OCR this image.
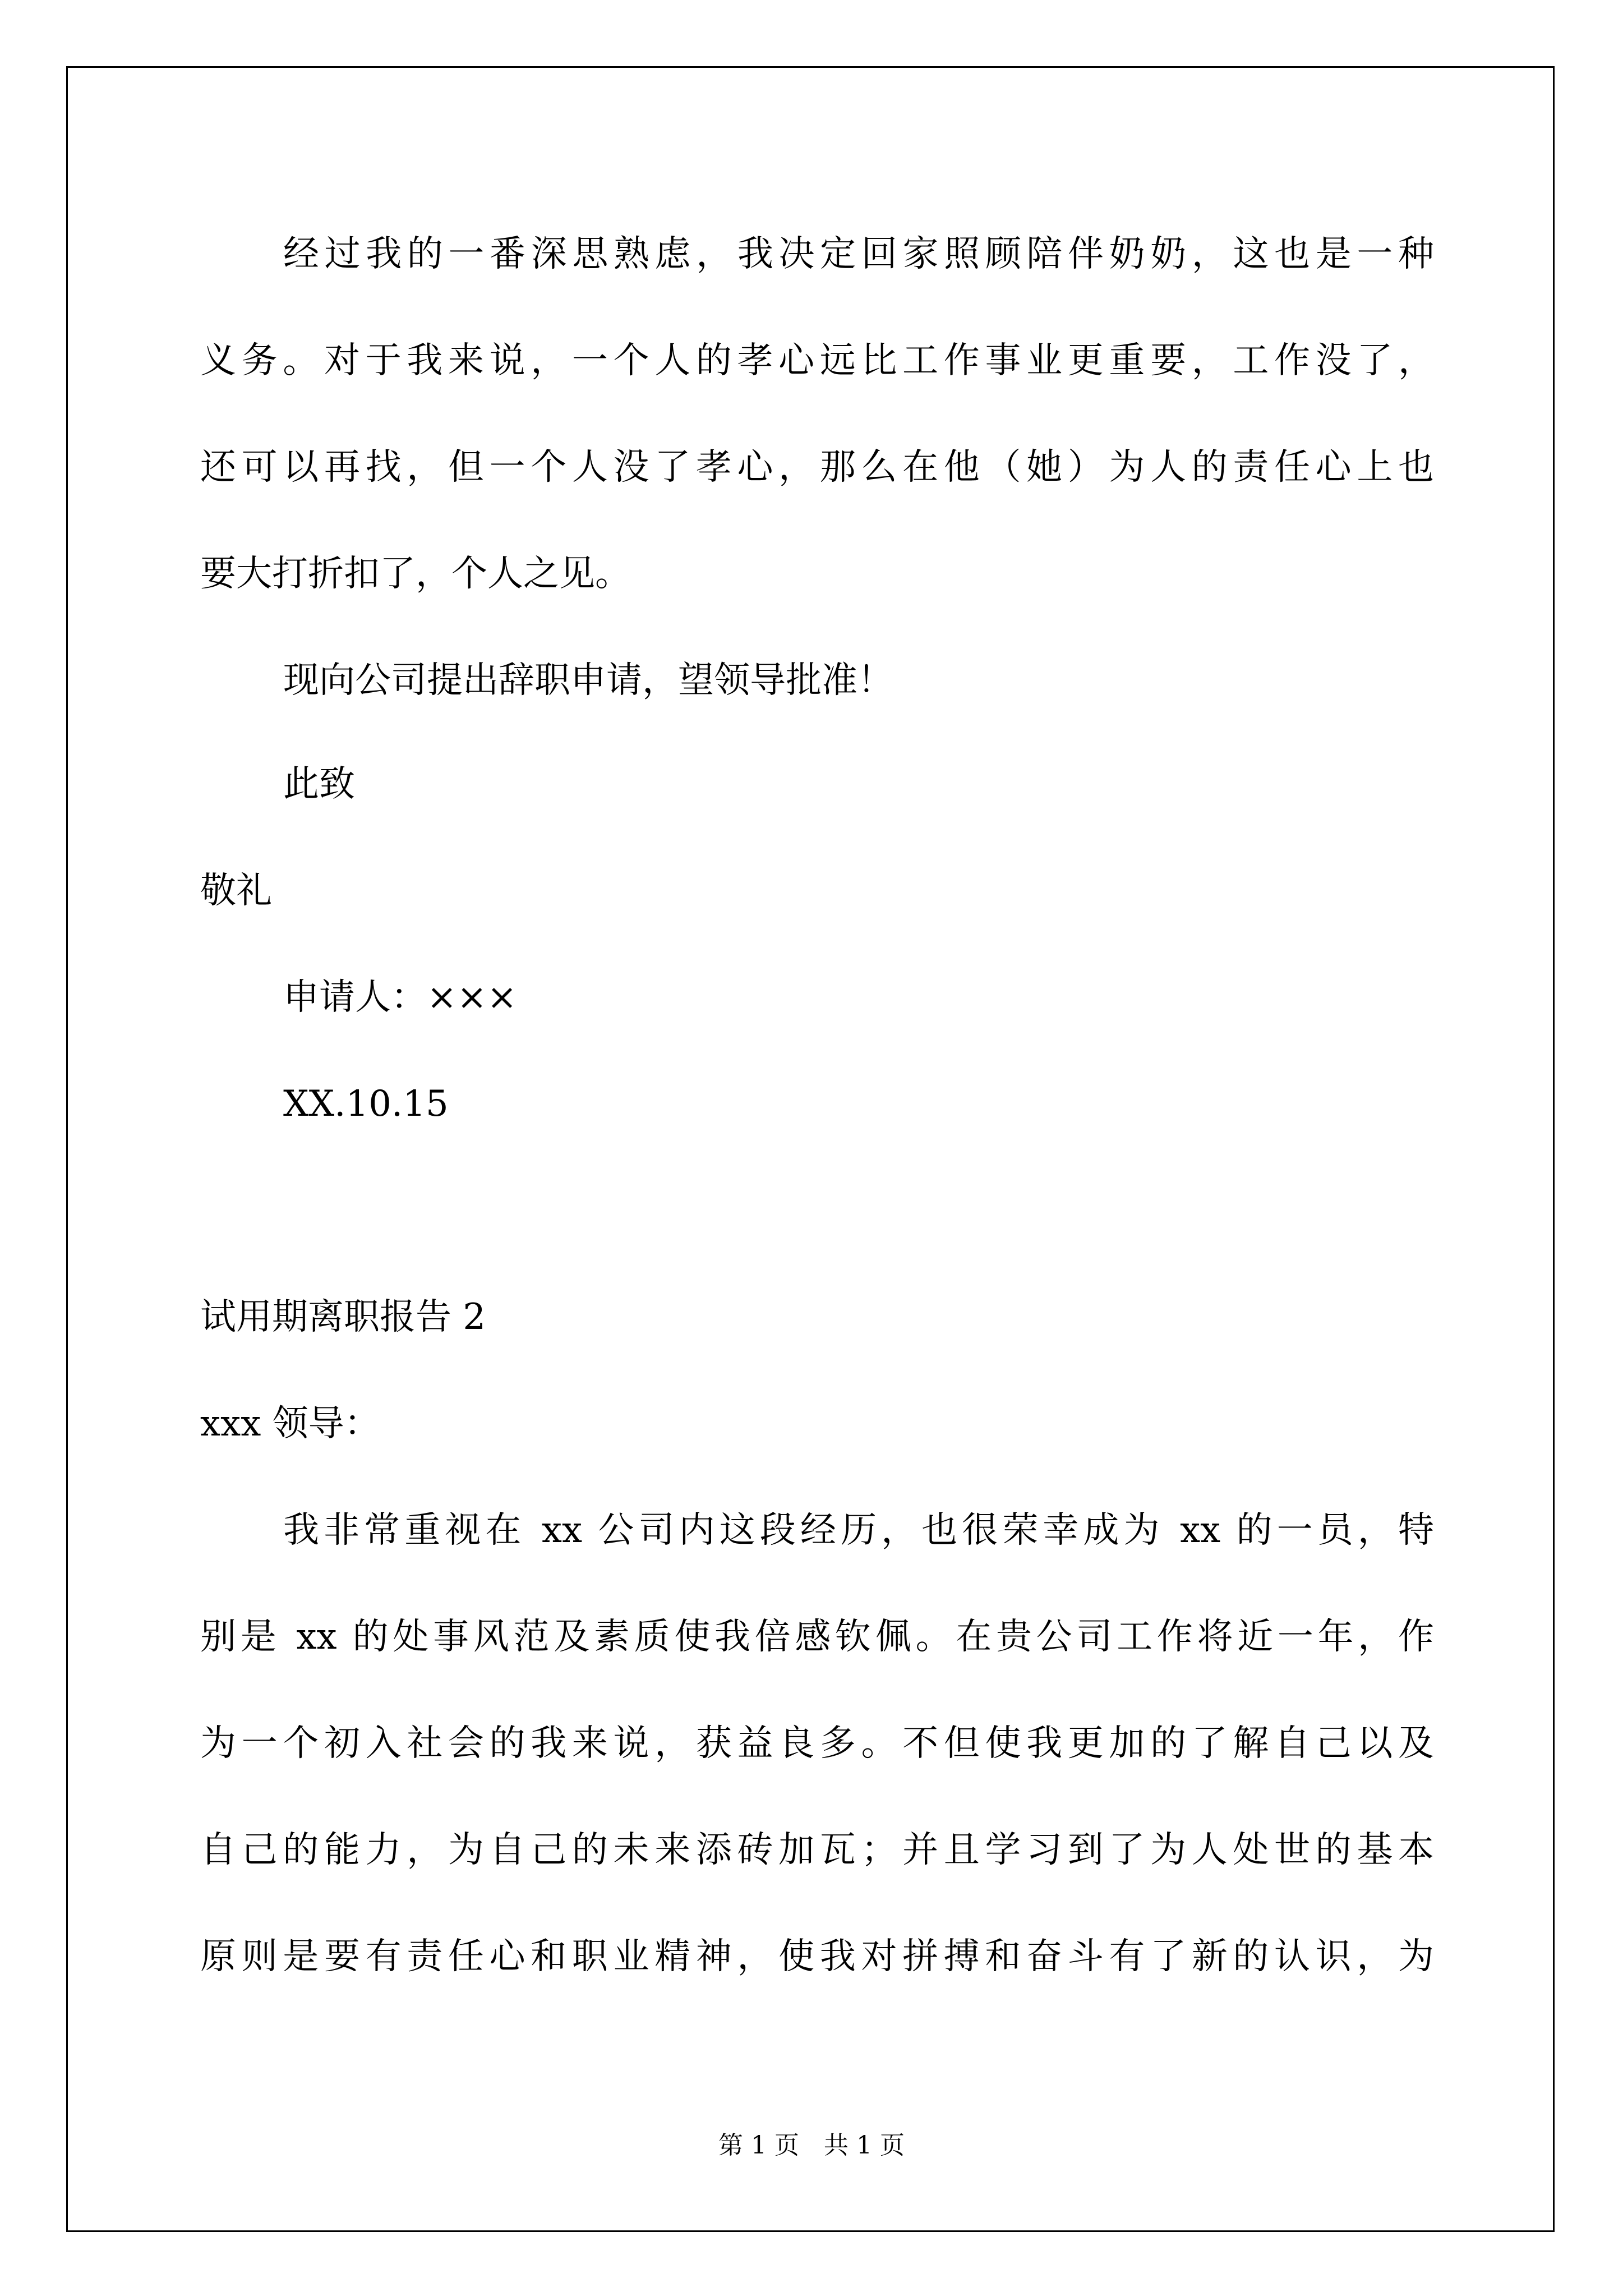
经过我的一番深思熟虑，我决定回家照顾陪伴奶奶，这也是一种
义务。对于我来说，一个人的孝心远比工作事业更重要，工作没了，
还可以再找，但一个人没了孝心，那么在他（她）为人的责任心上也
要大打折扣了，个人之见。
现向公司提出辞职申请，望领导批准！
此致
敬礼
申请人：×××
XX.10.15
试用期离职报告 2
xxx 领导：
我非常重视在 xx 公司内这段经历，也很荣幸成为 xx 的一员，特
别是 xx 的处事风范及素质使我倍感钦佩。在贵公司工作将近一年，作
为一个初入社会的我来说，获益良多。不但使我更加的了解自己以及
自己的能力，为自己的未来添砖加瓦；并且学习到了为人处世的基本
原则是要有责任心和职业精神，使我对拼搏和奋斗有了新的认识，为
第 1 页　共 1 页
